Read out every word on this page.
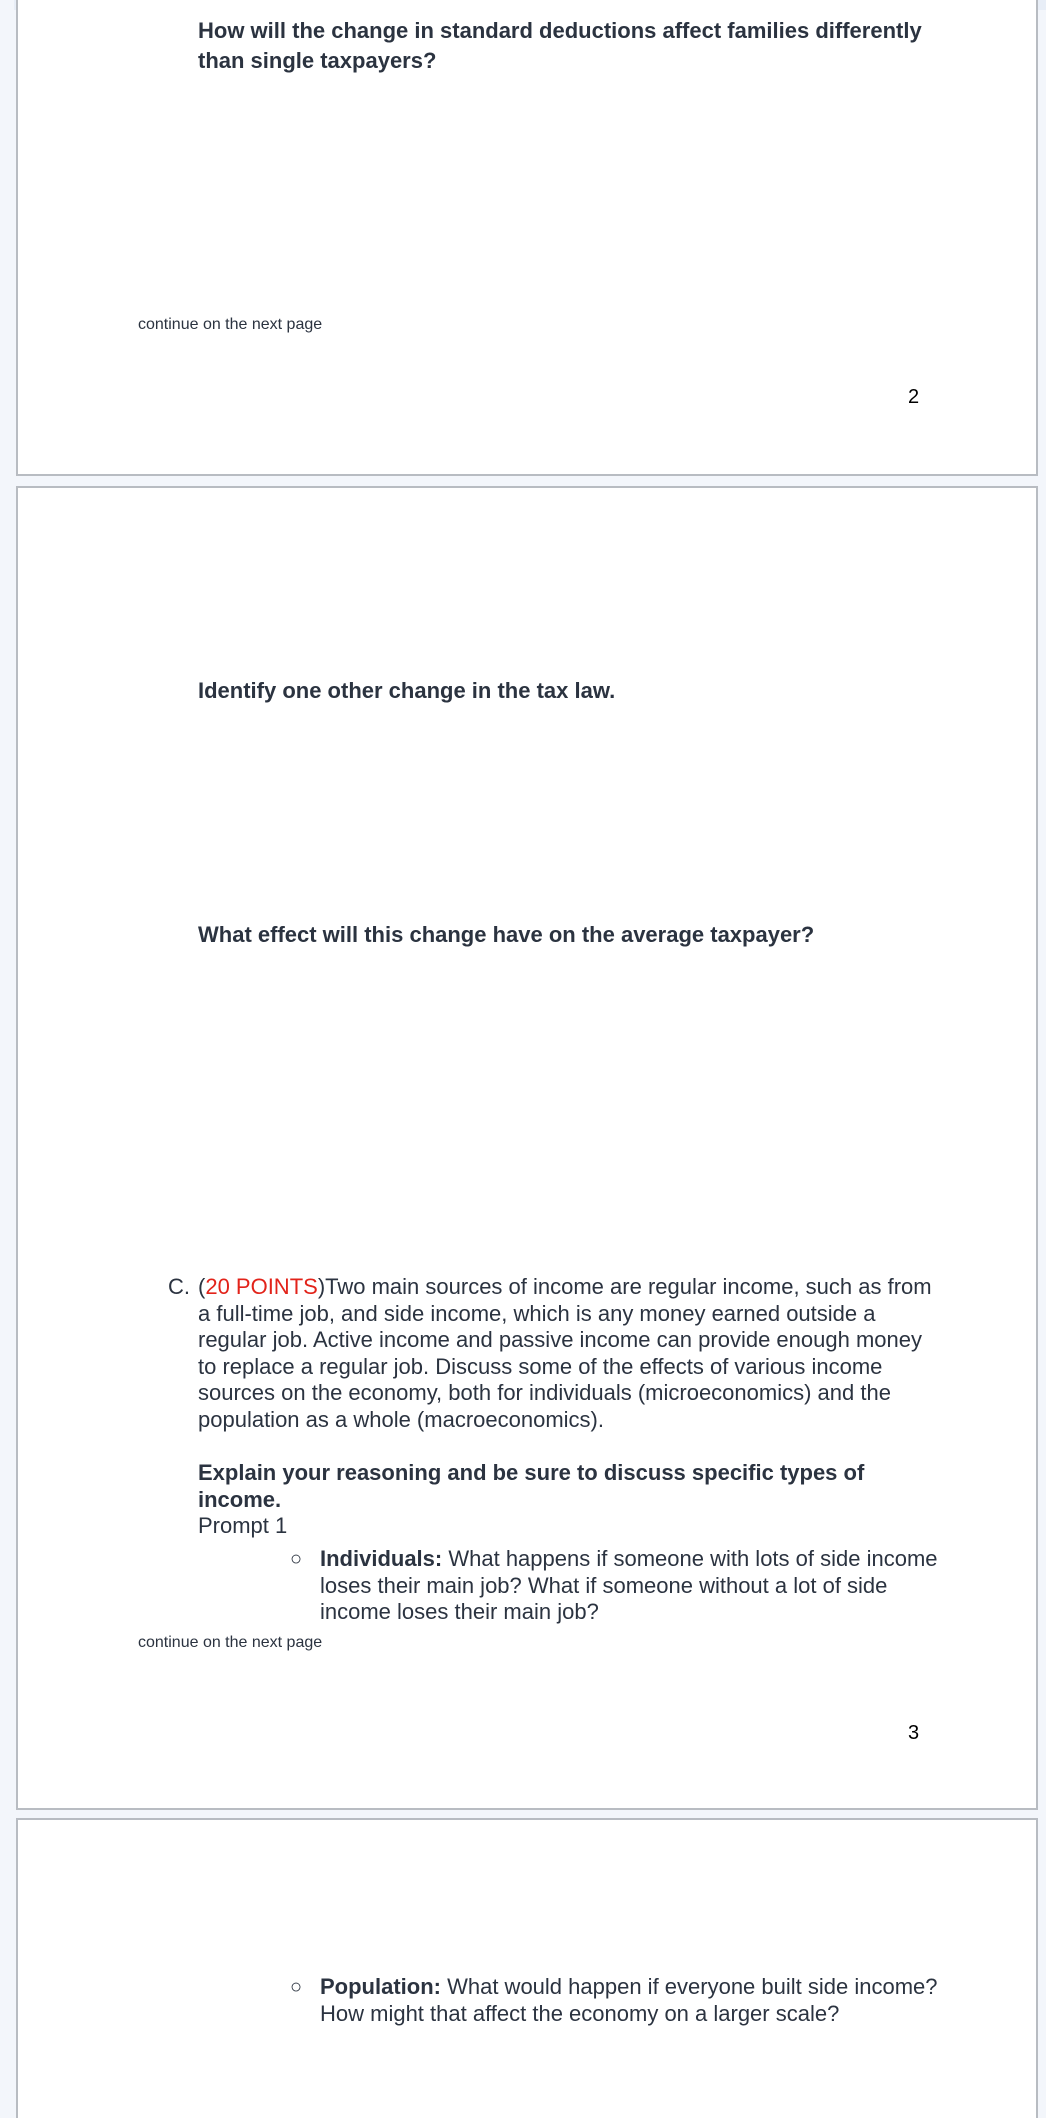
How will the change in standard deductions affect families differently than single taxpayers?
continue on the next page
2
Identify one other change in the tax law.
What effect will this change have on the average taxpayer?
C. (20 POINTS)Two main sources of income are regular income, such as from a full-time job, and side income, which is any money earned outside a regular job. Active income and passive income can provide enough money to replace a regular job. Discuss some of the effects of various income sources on the economy, both for individuals (microeconomics) and the population as a whole (macroeconomics).
Explain your reasoning and be sure to discuss specific types of income.
Prompt 1
○ Individuals: What happens if someone with lots of side income loses their main job? What if someone without a lot of side income loses their main job?
continue on the next page
3
○ Population: What would happen if everyone built side income? How might that affect the economy on a larger scale?
